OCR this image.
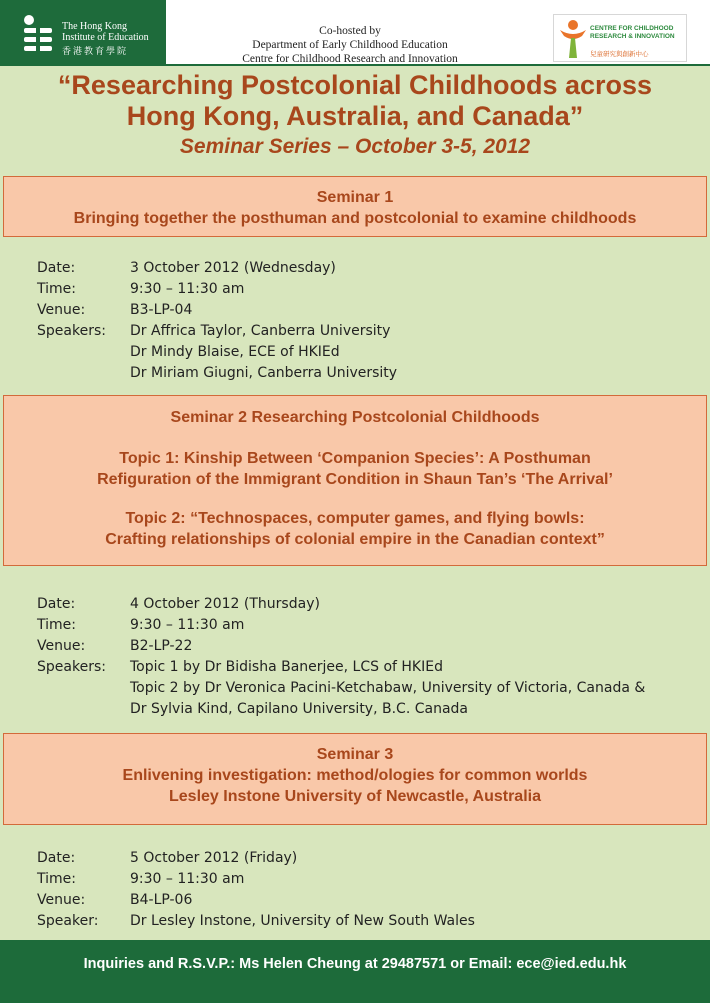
The Hong Kong
Institute of Education
香港教育學院
Co-hosted by
Department of Early Childhood Education
Centre for Childhood Research and Innovation
CENTRE FOR CHILDHOOD
RESEARCH & INNOVATION
兒童研究與創新中心
“Researching Postcolonial Childhoods across
Hong Kong, Australia, and Canada”
Seminar Series – October 3-5, 2012
Seminar 1
Bringing together the posthuman and postcolonial to examine childhoods
Date:	3 October 2012 (Wednesday)
Time:	9:30 – 11:30 am
Venue:	B3-LP-04
Speakers:	Dr Affrica Taylor, Canberra University
Dr Mindy Blaise, ECE of HKIEd
Dr Miriam Giugni, Canberra University
Seminar 2 Researching Postcolonial Childhoods
Topic 1: Kinship Between ‘Companion Species’: A Posthuman
Refiguration of the Immigrant Condition in Shaun Tan’s ‘The Arrival’
Topic 2: “Technospaces, computer games, and flying bowls:
Crafting relationships of colonial empire in the Canadian context”
Date:	4 October 2012 (Thursday)
Time:	9:30 – 11:30 am
Venue:	B2-LP-22
Speakers:	Topic 1 by Dr Bidisha Banerjee, LCS of HKIEd
Topic 2 by Dr Veronica Pacini-Ketchabaw, University of Victoria, Canada &
Dr Sylvia Kind, Capilano University, B.C. Canada
Seminar 3
Enlivening investigation: method/ologies for common worlds
Lesley Instone University of Newcastle, Australia
Date:	5 October 2012 (Friday)
Time:	9:30 – 11:30 am
Venue:	B4-LP-06
Speaker:	Dr Lesley Instone, University of New South Wales
Inquiries and R.S.V.P.: Ms Helen Cheung at 29487571 or Email: ece@ied.edu.hk
